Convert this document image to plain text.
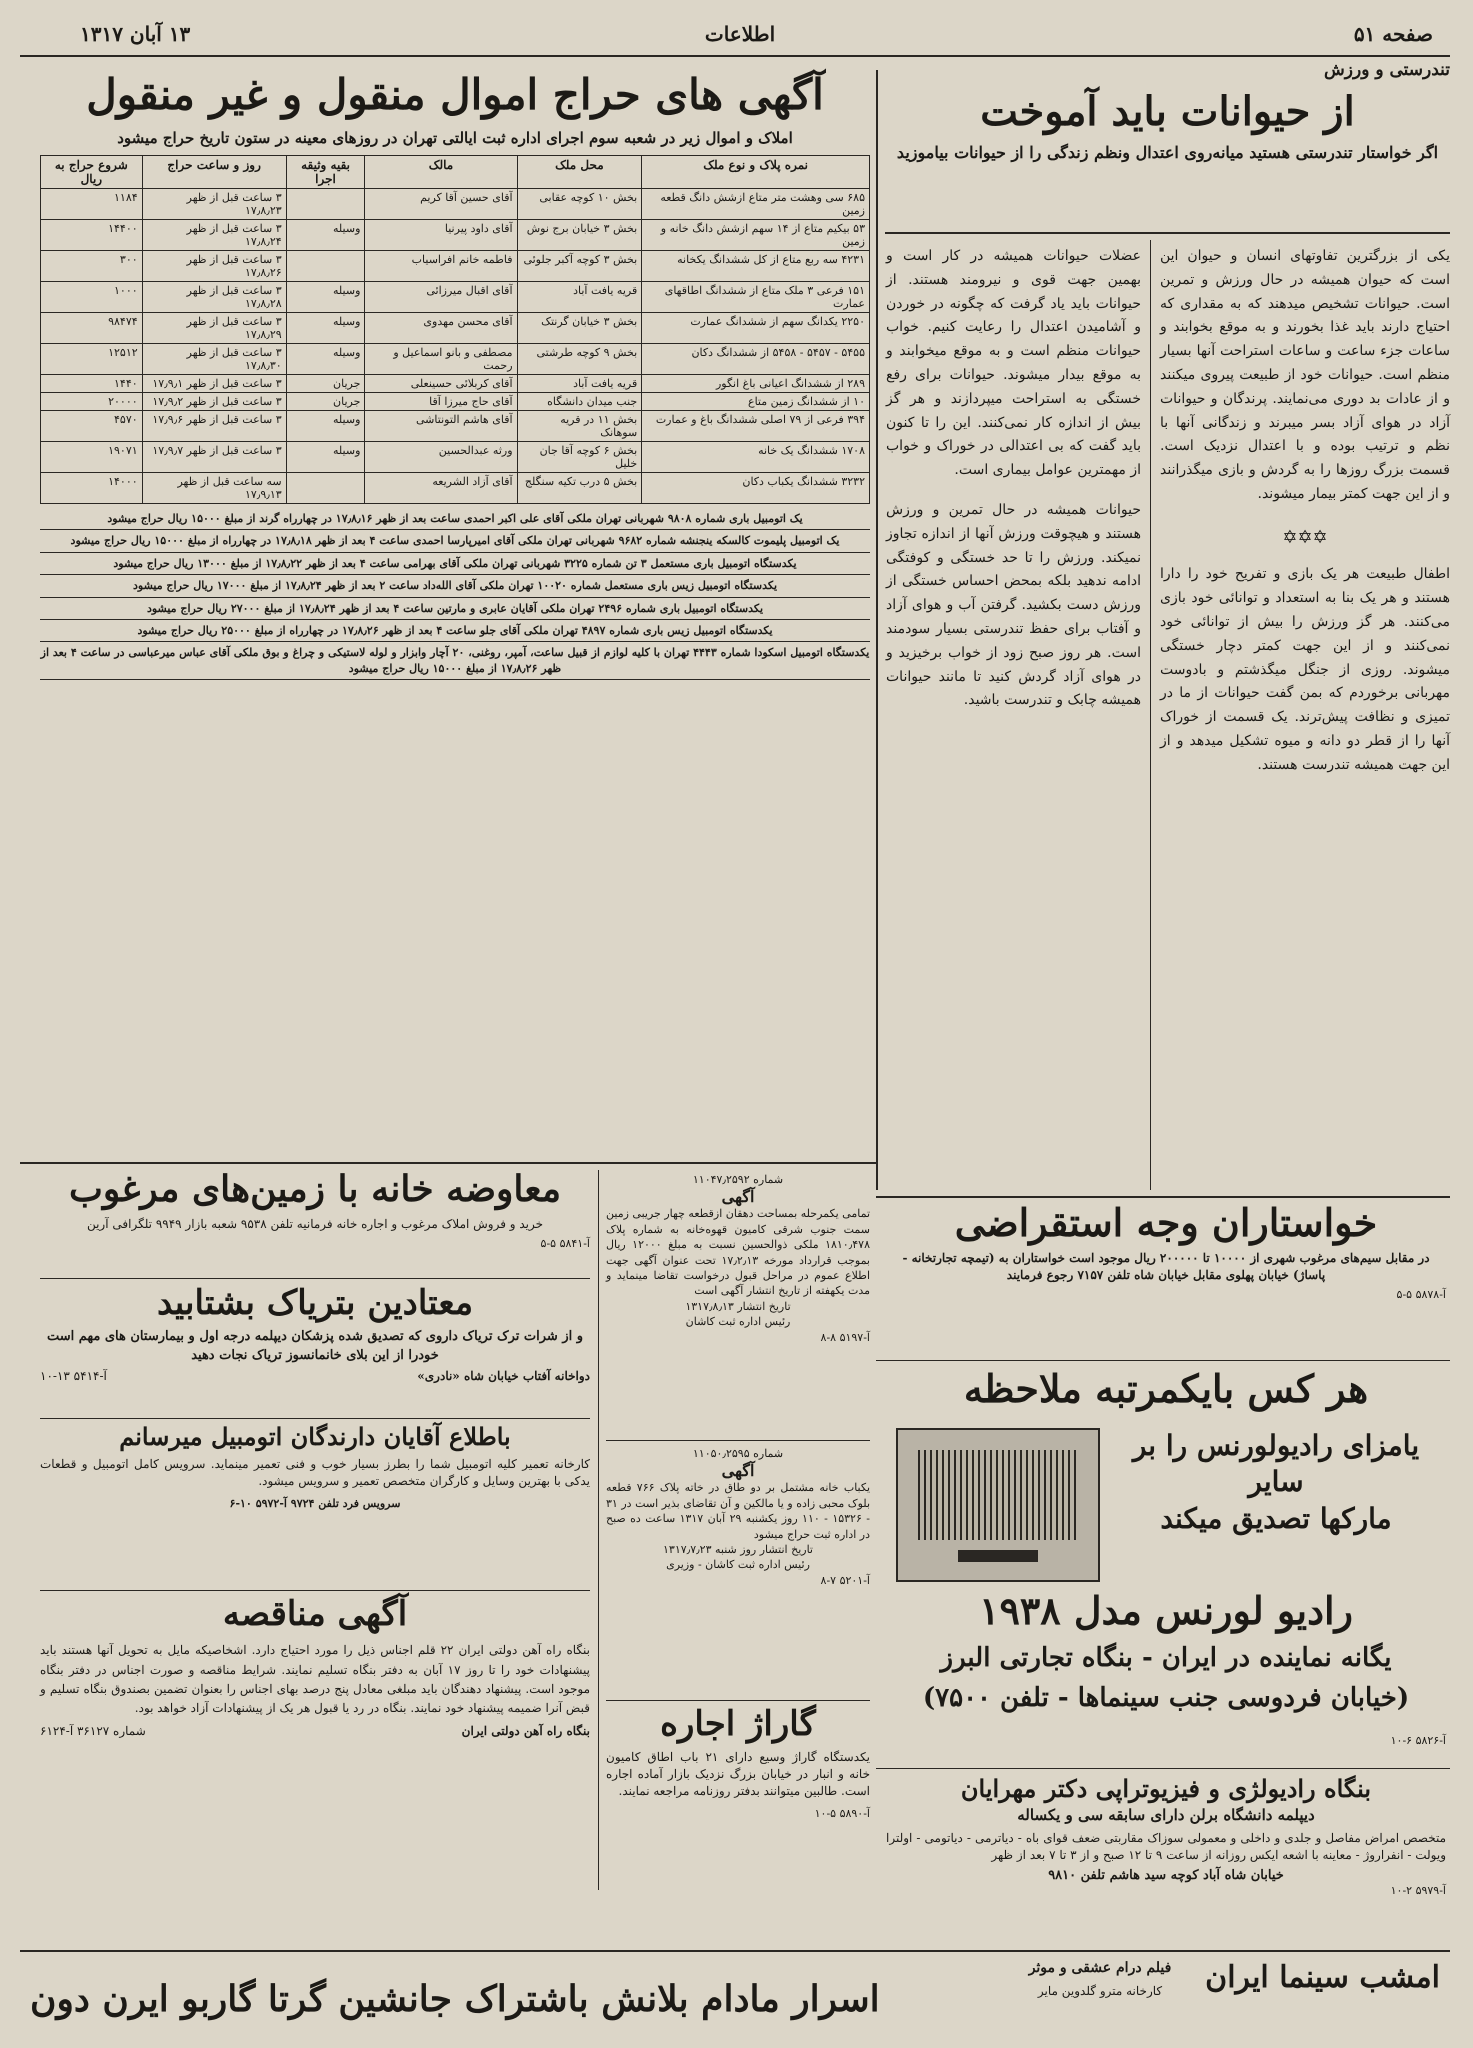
صفحه ۵۱
اطلاعات
۱۳ آبان ۱۳۱۷
تندرستی و ورزش
از حیوانات باید آموخت
اگر خواستار تندرستی هستید میانه‌روی اعتدال ونظم زندگی را از حیوانات بیاموزید

یکی از بزرگترین تفاوتهای انسان و حیوان این است که حیوان همیشه در حال ورزش و تمرین است. حیوانات تشخیص میدهند که به مقداری که احتیاج دارند باید غذا بخورند و به موقع بخوابند و ساعات جزء ساعت و ساعات استراحت آنها بسیار منظم است. حیوانات خود از طبیعت پیروی میکنند و از عادات بد دوری می‌نمایند. پرندگان و حیوانات آزاد در هوای آزاد بسر میبرند و زندگانی آنها با نظم و ترتیب بوده و با اعتدال نزدیک است. قسمت بزرگ روزها را به گردش و بازی میگذرانند و از این جهت کمتر بیمار میشوند.

✡✡✡

اطفال طبیعت هر یک بازی و تفریح خود را دارا هستند و هر یک بنا به استعداد و توانائی خود بازی می‌کنند. هر گز ورزش را بیش از توانائی خود نمی‌کنند و از این جهت کمتر دچار خستگی میشوند. روزی از جنگل میگذشتم و بادوست مهربانی برخوردم که بمن گفت حیوانات از ما در تمیزی و نظافت پیش‌ترند. یک قسمت از خوراک آنها را از قطر دو دانه و میوه تشکیل میدهد و از این جهت همیشه تندرست هستند.

عضلات حیوانات همیشه در کار است و بهمین جهت قوی و نیرومند هستند. از حیوانات باید یاد گرفت که چگونه در خوردن و آشامیدن اعتدال را رعایت کنیم. خواب حیوانات منظم است و به موقع میخوابند و به موقع بیدار میشوند. حیوانات برای رفع خستگی به استراحت میپردازند و هر گز بیش از اندازه کار نمی‌کنند. این را تا کنون باید گفت که بی اعتدالی در خوراک و خواب از مهمترین عوامل بیماری است.

حیوانات همیشه در حال تمرین و ورزش هستند و هیچوقت ورزش آنها از اندازه تجاوز نمیکند. ورزش را تا حد خستگی و کوفتگی ادامه ندهید بلکه بمحض احساس خستگی از ورزش دست بکشید. گرفتن آب و هوای آزاد و آفتاب برای حفظ تندرستی بسیار سودمند است. هر روز صبح زود از خواب برخیزید و در هوای آزاد گردش کنید تا مانند حیوانات همیشه چابک و تندرست باشید.

آگهی های حراج اموال منقول و غیر منقول
املاک و اموال زیر در شعبه سوم اجرای اداره ثبت ایالتی تهران در روزهای معینه در ستون تاریخ حراج میشود
نمره پلاک و نوع ملک	محل ملک	مالک	بقیه وثیقه اجرا	روز و ساعت حراج	شروع حراج به ریال
۶۸۵ سی وهشت متر متاع ازشش دانگ قطعه زمین	بخش ۱۰ کوچه عقابی	آقای حسین آقا کریم		۳ ساعت قبل از ظهر ۱۷٫۸٫۲۳	۱۱۸۴
۵۳ بیکیم متاع از ۱۴ سهم ازشش دانگ خانه و زمین	بخش ۳ خیابان برج نوش	آقای داود پیرنیا	وسیله	۳ ساعت قبل از ظهر ۱۷٫۸٫۲۴	۱۴۴۰۰
۴۲۳۱ سه ربع متاع از کل ششدانگ یکخانه	بخش ۳ کوچه آکبر جلوئی	فاطمه خانم افراسیاب		۳ ساعت قبل از ظهر ۱۷٫۸٫۲۶	۳۰۰
۱۵۱ فرعی ۳ ملک متاع از ششدانگ اطاقهای عمارت	قریه یافت آباد	آقای اقبال میرزائی	وسیله	۳ ساعت قبل از ظهر ۱۷٫۸٫۲۸	۱۰۰۰
۲۲۵۰ یکدانگ سهم از ششدانگ عمارت	بخش ۳ خیابان گرنتک	آقای محسن مهدوی	وسیله	۳ ساعت قبل از ظهر ۱۷٫۸٫۲۹	۹۸۴۷۴
۵۴۵۵ - ۵۴۵۷ - ۵۴۵۸ از ششدانگ دکان	بخش ۹ کوچه طرشتی	مصطفی و بانو اسماعیل و رحمت	وسیله	۳ ساعت قبل از ظهر ۱۷٫۸٫۳۰	۱۲۵۱۲
۲۸۹ از ششدانگ اعیانی باغ انگور	قریه یافت آباد	آقای کربلائی حسینعلی	جریان	۳ ساعت قبل از ظهر ۱۷٫۹٫۱	۱۴۴۰
۱۰ از ششدانگ زمین متاع	جنب میدان دانشگاه	آقای حاج میرزا آقا	جریان	۳ ساعت قبل از ظهر ۱۷٫۹٫۲	۲۰۰۰۰
۳۹۴ فرعی از ۷۹ اصلی ششدانگ باغ و عمارت	بخش ۱۱ در قریه سوهانک	آقای هاشم التونتاشی	وسیله	۳ ساعت قبل از ظهر ۱۷٫۹٫۶	۴۵۷۰
۱۷۰۸ ششدانگ یک خانه	بخش ۶ کوچه آقا جان خلیل	ورثه عبدالحسین	وسیله	۳ ساعت قبل از ظهر ۱۷٫۹٫۷	۱۹۰۷۱
۳۲۳۲ ششدانگ یکباب دکان	بخش ۵ درب تکیه سنگلج	آقای آزاد الشریعه		سه ساعت قبل از ظهر ۱۷٫۹٫۱۳	۱۴۰۰۰
یک اتومبیل باری شماره ۹۸۰۸ شهربانی تهران ملکی آقای علی اکبر احمدی ساعت بعد از ظهر ۱۷٫۸٫۱۶ در چهارراه گرند از مبلغ ۱۵۰۰۰ ریال حراج میشود
یک اتومبیل پلیموت کالسکه ینجنشه شماره ۹۶۸۲ شهربانی تهران ملکی آقای امیرپارسا احمدی ساعت ۴ بعد از ظهر ۱۷٫۸٫۱۸ در چهارراه از مبلغ ۱۵۰۰۰ ریال حراج میشود
یکدستگاه اتومبیل باری مستعمل ۳ تن شماره ۳۲۲۵ شهربانی تهران ملکی آقای بهرامی ساعت ۴ بعد از ظهر ۱۷٫۸٫۲۲ از مبلغ ۱۳۰۰۰ ریال حراج میشود
یکدستگاه اتومبیل زیس باری مستعمل شماره ۱۰۰۲۰ تهران ملکی آقای الله‌داد ساعت ۲ بعد از ظهر ۱۷٫۸٫۲۴ از مبلغ ۱۷۰۰۰ ریال حراج میشود
یکدستگاه اتومبیل باری شماره ۲۴۹۶ تهران ملکی آقایان عابری و مارتین ساعت ۴ بعد از ظهر ۱۷٫۸٫۲۴ از مبلغ ۲۷۰۰۰ ریال حراج میشود
یکدستگاه اتومبیل زیس باری شماره ۴۸۹۷ تهران ملکی آقای جلو ساعت ۴ بعد از ظهر ۱۷٫۸٫۲۶ در چهارراه از مبلغ ۲۵۰۰۰ ریال حراج میشود
یکدستگاه اتومبیل اسکودا شماره ۴۴۴۳ تهران با کلیه لوازم از قبیل ساعت، آمپر، روغنی، ۲۰ آچار وابزار و لوله لاستیکی و چراغ و بوق ملکی آقای عباس میرعباسی در ساعت ۴ بعد از ظهر ۱۷٫۸٫۲۶ از مبلغ ۱۵۰۰۰ ریال حراج میشود
معاوضه خانه با زمین‌های مرغوب
خرید و فروش املاک مرغوب و اجاره خانه فرمانیه تلفن ۹۵۳۸ شعبه بازار ۹۹۴۹ تلگرافی آرین
آ-۵۸۴۱ ۵-۵
معتادین بتریاک بشتابید
و از شرات ترک تریاک داروی که تصدیق شده پزشکان دیپلمه درجه اول و بیمارستان های مهم است خودرا از این بلای خانمانسوز تریاک نجات دهید
دواخانه آفتاب خیابان شاه «نادری»
آ-۵۴۱۴ ۱۳-۱۰
باطلاع آقایان دارندگان اتومبیل میرسانم
کارخانه تعمیر کلیه اتومبیل شما را بطرز بسیار خوب و فنی تعمیر مینماید. سرویس کامل اتومبیل و قطعات یدکی با بهترین وسایل و کارگران متخصص تعمیر و سرویس میشود.
سرویس فرد تلفن ۹۷۲۴ آ-۵۹۷۲ ۱۰-۶
آگهی مناقصه
بنگاه راه آهن دولتی ایران ۲۲ قلم اجناس ذیل را مورد احتیاج دارد. اشخاصیکه مایل به تحویل آنها هستند باید پیشنهادات خود را تا روز ۱۷ آبان به دفتر بنگاه تسلیم نمایند. شرایط مناقصه و صورت اجناس در دفتر بنگاه موجود است. پیشنهاد دهندگان باید مبلغی معادل پنج درصد بهای اجناس را بعنوان تضمین بصندوق بنگاه تسلیم و قبض آنرا ضمیمه پیشنهاد خود نمایند. بنگاه در رد یا قبول هر یک از پیشنهادات آزاد خواهد بود.
بنگاه راه آهن دولتی ایران
شماره ۳۶۱۲۷ آ-۶۱۲۴
شماره ۱۱۰۴۷٫۲۵۹۲
آگهی
تمامی یکمرحله بمساحت دهقان ازقطعه چهار جریبی زمین سمت جنوب شرقی کامیون قهوه‌خانه به شماره پلاک ۱۸۱۰٫۴۷۸ ملکی ذوالحسین نسبت به مبلغ ۱۲۰۰۰ ریال بموجب قرارداد مورخه ۱۷٫۲٫۱۳ تحت عنوان آگهی جهت اطلاع عموم در مراحل قبول درخواست تقاضا مینماید و مدت یکهفته از تاریخ انتشار آگهی است
تاریخ انتشار ۱۳۱۷٫۸٫۱۳
رئیس اداره ثبت کاشان
آ-۵۱۹۷ ۸-۸
شماره ۱۱۰۵۰٫۲۵۹۵
آگهی
یکباب خانه مشتمل بر دو طاق در خاته پلاک ۷۶۶ قطعه بلوک محبی زاده و یا مالکین و آن تقاضای بذیر است در ۳۱ - ۱۵۳۲۶ - ۱۱۰ روز یکشنبه ۲۹ آبان ۱۳۱۷ ساعت ده صبح در اداره ثبت حراج میشود
تاریخ انتشار روز شنبه ۱۳۱۷٫۷٫۲۳
رئیس اداره ثبت کاشان - وزیری
آ-۵۲۰۱ ۷-۸
گاراژ اجاره
یکدستگاه گاراژ وسیع دارای ۲۱ باب اطاق کامیون خانه و انبار در خیابان بزرگ نزدیک بازار آماده اجاره است. طالبین میتوانند بدفتر روزنامه مراجعه نمایند.
آ-۵۸۹۰ ۵-۱۰
خواستاران وجه استقراضی
در مقابل سیم‌های مرغوب شهری از ۱۰۰۰۰ تا ۲۰۰۰۰۰ ریال موجود است خواستاران به (تیمچه تجارتخانه - پاساژ) خیابان پهلوی مقابل خیابان شاه تلفن ۷۱۵۷ رجوع فرمایند
آ-۵۸۷۸ ۵-۵
هر کس بایکمرتبه ملاحظه
یامزای رادیولورنس را بر سایر
مارکها تصدیق میکند
رادیو لورنس مدل ۱۹۳۸
یگانه نماینده در ایران - بنگاه تجارتی البرز
(خیابان فردوسی جنب سینماها - تلفن ۷۵۰۰)
آ-۵۸۲۶ ۶-۱۰
بنگاه رادیولژی و فیزیوتراپی دکتر مهرایان
دیپلمه دانشگاه برلن دارای سابقه سی و یکساله
متخصص امراض مفاصل و جلدی و داخلی و معمولی سوزاک مقاربتی ضعف قوای باه - دیاترمی - دیاتومی - اولترا ویولت - انفراروژ - معاینه با اشعه ایکس روزانه از ساعت ۹ تا ۱۲ صبح و از ۳ تا ۷ بعد از ظهر
خیابان شاه آباد کوچه سید هاشم تلفن ۹۸۱۰
آ-۵۹۷۹ ۲-۱۰
امشب سینما ایران
فیلم درام عشقی و موثر
کارخانه مترو گلدوین مایر
اسرار مادام بلانش باشتراک جانشین گرتا گاربو ایرن دون
